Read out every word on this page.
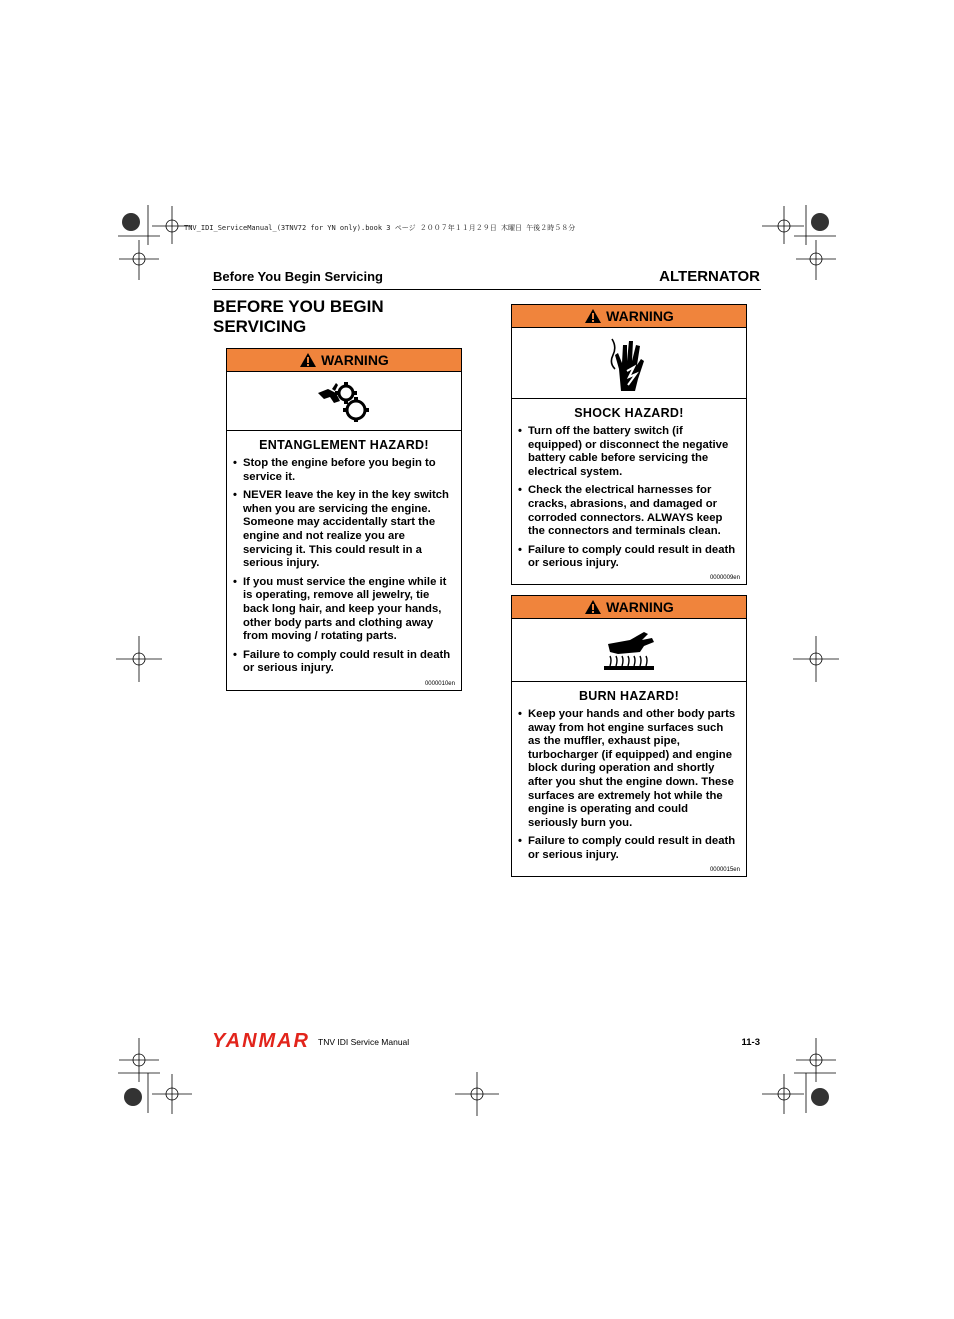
TNV_IDI_ServiceManual_(3TNV72 for YN only).book 3 ページ ２００７年１１月２９日 木曜日 午後２時５８分
Before You Begin Servicing	ALTERNATOR
BEFORE YOU BEGIN SERVICING
WARNING
ENTANGLEMENT HAZARD!
• Stop the engine before you begin to service it.
• NEVER leave the key in the key switch when you are servicing the engine. Someone may accidentally start the engine and not realize you are servicing it. This could result in a serious injury.
• If you must service the engine while it is operating, remove all jewelry, tie back long hair, and keep your hands, other body parts and clothing away from moving / rotating parts.
• Failure to comply could result in death or serious injury.
0000010en
WARNING
SHOCK HAZARD!
• Turn off the battery switch (if equipped) or disconnect the negative battery cable before servicing the electrical system.
• Check the electrical harnesses for cracks, abrasions, and damaged or corroded connectors. ALWAYS keep the connectors and terminals clean.
• Failure to comply could result in death or serious injury.
0000009en
WARNING
BURN HAZARD!
• Keep your hands and other body parts away from hot engine surfaces such as the muffler, exhaust pipe, turbocharger (if equipped) and engine block during operation and shortly after you shut the engine down. These surfaces are extremely hot while the engine is operating and could seriously burn you.
• Failure to comply could result in death or serious injury.
0000015en
YANMAR TNV IDI Service Manual	11-3
